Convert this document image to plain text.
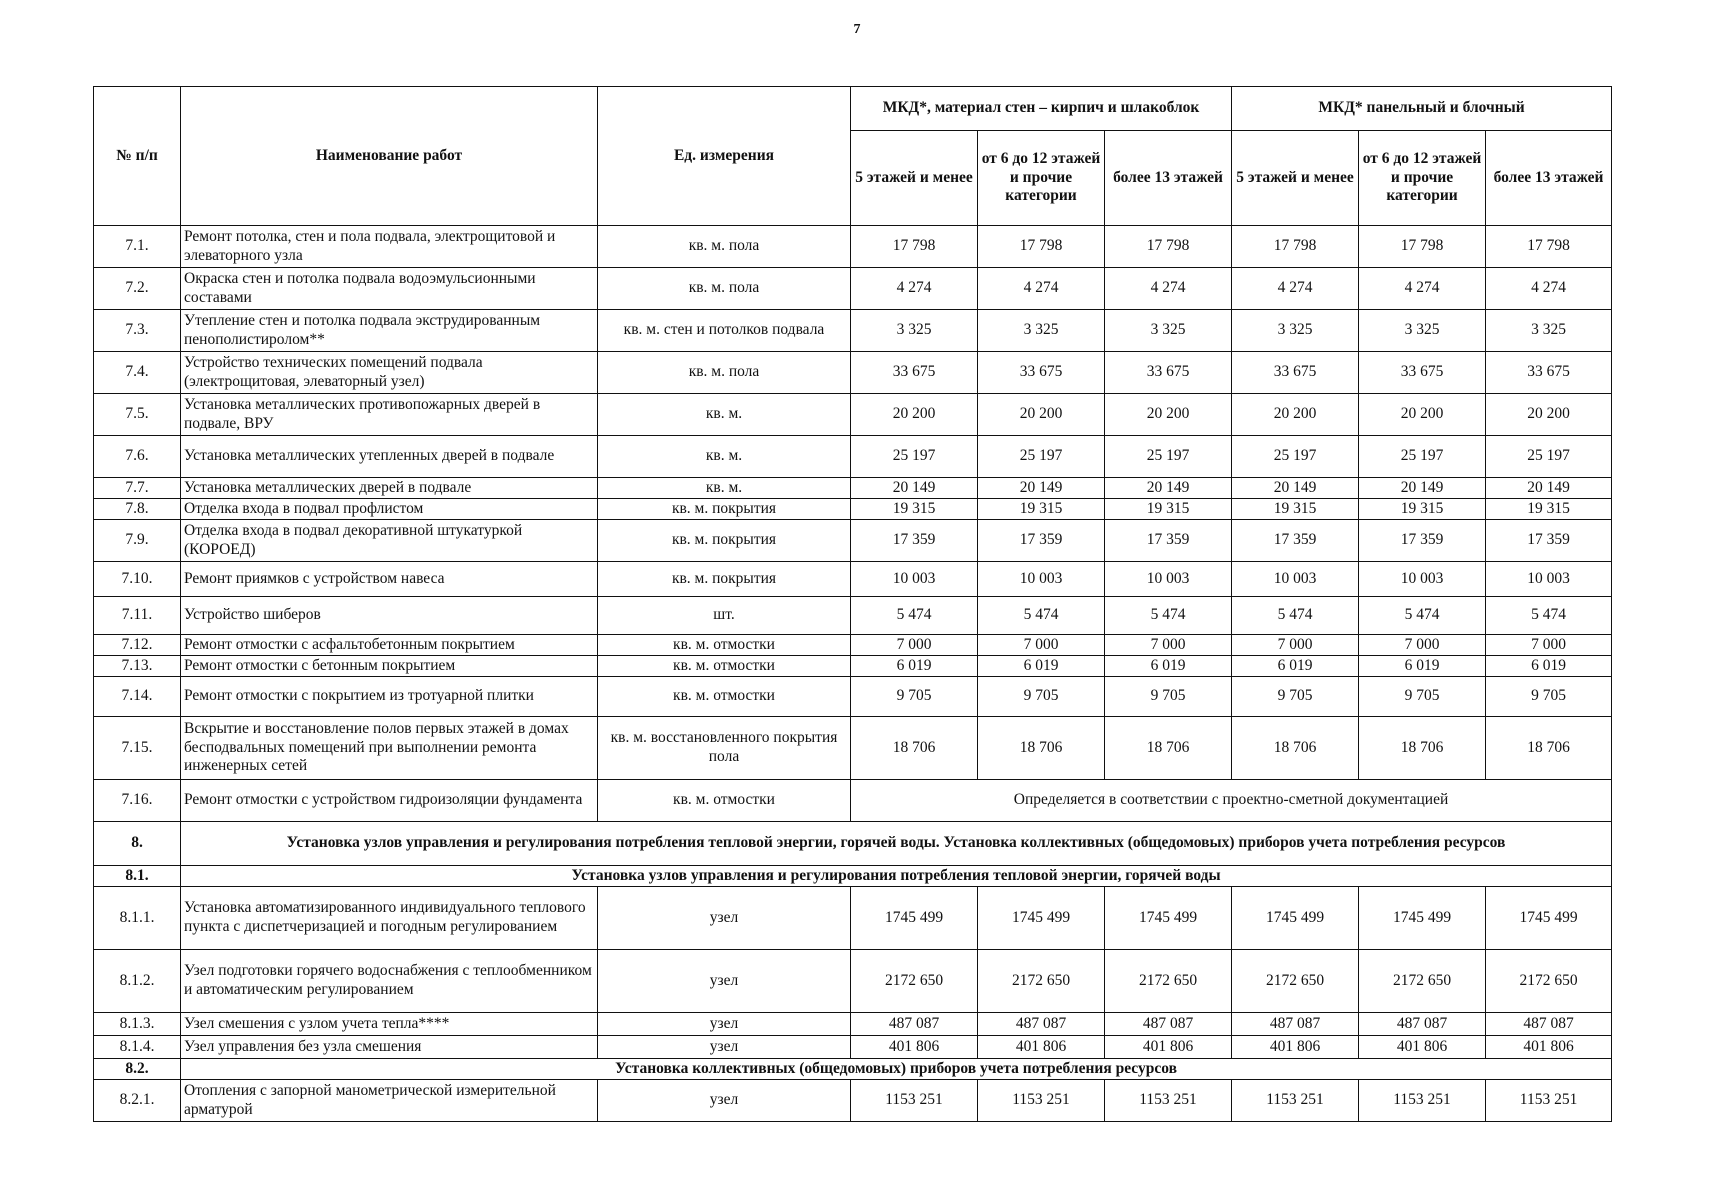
7
№ п/п	Наименование работ	Ед. измерения	МКД*, материал стен – кирпич и шлакоблок			МКД* панельный и блочный		
			5 этажей и менее	от 6 до 12 этажей и прочие категории	более 13 этажей	5 этажей и менее	от 6 до 12 этажей и прочие категории	более 13 этажей
7.1.	Ремонт потолка, стен и пола подвала, электрощитовой и элеваторного узла	кв. м. пола	17 798	17 798	17 798	17 798	17 798	17 798
7.2.	Окраска стен и потолка подвала водоэмульсионными составами	кв. м. пола	4 274	4 274	4 274	4 274	4 274	4 274
7.3.	Утепление стен и потолка подвала экструдированным пенополистиролом**	кв. м. стен и потолков подвала	3 325	3 325	3 325	3 325	3 325	3 325
7.4.	Устройство технических помещений подвала (электрощитовая, элеваторный узел)	кв. м. пола	33 675	33 675	33 675	33 675	33 675	33 675
7.5.	Установка металлических противопожарных дверей в подвале, ВРУ	кв. м.	20 200	20 200	20 200	20 200	20 200	20 200
7.6.	Установка металлических утепленных дверей в подвале	кв. м.	25 197	25 197	25 197	25 197	25 197	25 197
7.7.	Установка металлических дверей в подвале	кв. м.	20 149	20 149	20 149	20 149	20 149	20 149
7.8.	Отделка входа в подвал профлистом	кв. м. покрытия	19 315	19 315	19 315	19 315	19 315	19 315
7.9.	Отделка входа в подвал декоративной штукатуркой (КОРОЕД)	кв. м. покрытия	17 359	17 359	17 359	17 359	17 359	17 359
7.10.	Ремонт приямков с устройством навеса	кв. м. покрытия	10 003	10 003	10 003	10 003	10 003	10 003
7.11.	Устройство шиберов	шт.	5 474	5 474	5 474	5 474	5 474	5 474
7.12.	Ремонт отмостки с асфальтобетонным покрытием	кв. м. отмостки	7 000	7 000	7 000	7 000	7 000	7 000
7.13.	Ремонт отмостки с бетонным покрытием	кв. м. отмостки	6 019	6 019	6 019	6 019	6 019	6 019
7.14.	Ремонт отмостки с покрытием из тротуарной плитки	кв. м. отмостки	9 705	9 705	9 705	9 705	9 705	9 705
7.15.	Вскрытие и восстановление полов первых этажей в домах бесподвальных помещений при выполнении ремонта инженерных сетей	кв. м. восстановленного покрытия пола	18 706	18 706	18 706	18 706	18 706	18 706
7.16.	Ремонт отмостки с устройством гидроизоляции фундамента	кв. м. отмостки	Определяется в соответствии с проектно-сметной документацией					
8.	Установка узлов управления и регулирования потребления тепловой энергии, горячей воды. Установка коллективных (общедомовых) приборов учета потребления ресурсов							
8.1.	Установка узлов управления и регулирования потребления тепловой энергии, горячей воды							
8.1.1.	Установка автоматизированного индивидуального теплового пункта с диспетчеризацией и погодным регулированием	узел	1745 499	1745 499	1745 499	1745 499	1745 499	1745 499
8.1.2.	Узел подготовки горячего водоснабжения с теплообменником и автоматическим регулированием	узел	2172 650	2172 650	2172 650	2172 650	2172 650	2172 650
8.1.3.	Узел смешения с узлом учета тепла****	узел	487 087	487 087	487 087	487 087	487 087	487 087
8.1.4.	Узел управления без узла смешения	узел	401 806	401 806	401 806	401 806	401 806	401 806
8.2.	Установка коллективных (общедомовых) приборов учета потребления ресурсов							
8.2.1.	Отопления с запорной манометрической измерительной арматурой	узел	1153 251	1153 251	1153 251	1153 251	1153 251	1153 251
